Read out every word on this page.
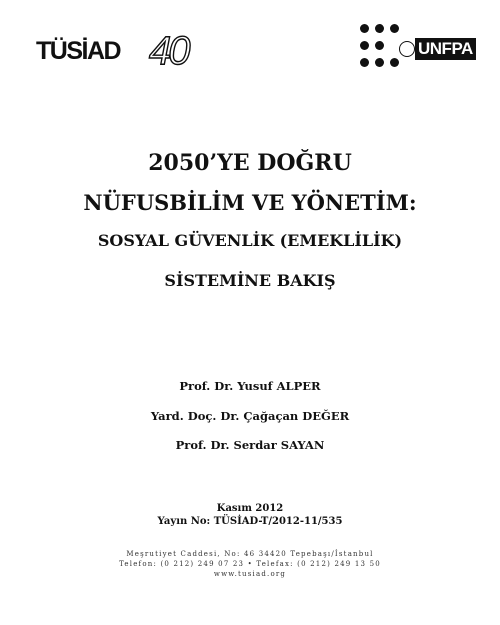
TÜSİAD 40	UNFPA
2050’YE DOĞRU
NÜFUSBİLİM VE YÖNETİM:
SOSYAL GÜVENLİK (EMEKLİLİK)
SİSTEMİNE BAKIŞ
Prof. Dr. Yusuf ALPER
Yard. Doç. Dr. Çağaçan DEĞER
Prof. Dr. Serdar SAYAN
Kasım 2012
Yayın No: TÜSİAD-T/2012-11/535
Meşrutiyet Caddesi, No: 46 34420 Tepebaşı/İstanbul
Telefon: (0 212) 249 07 23 • Telefax: (0 212) 249 13 50
www.tusiad.org
